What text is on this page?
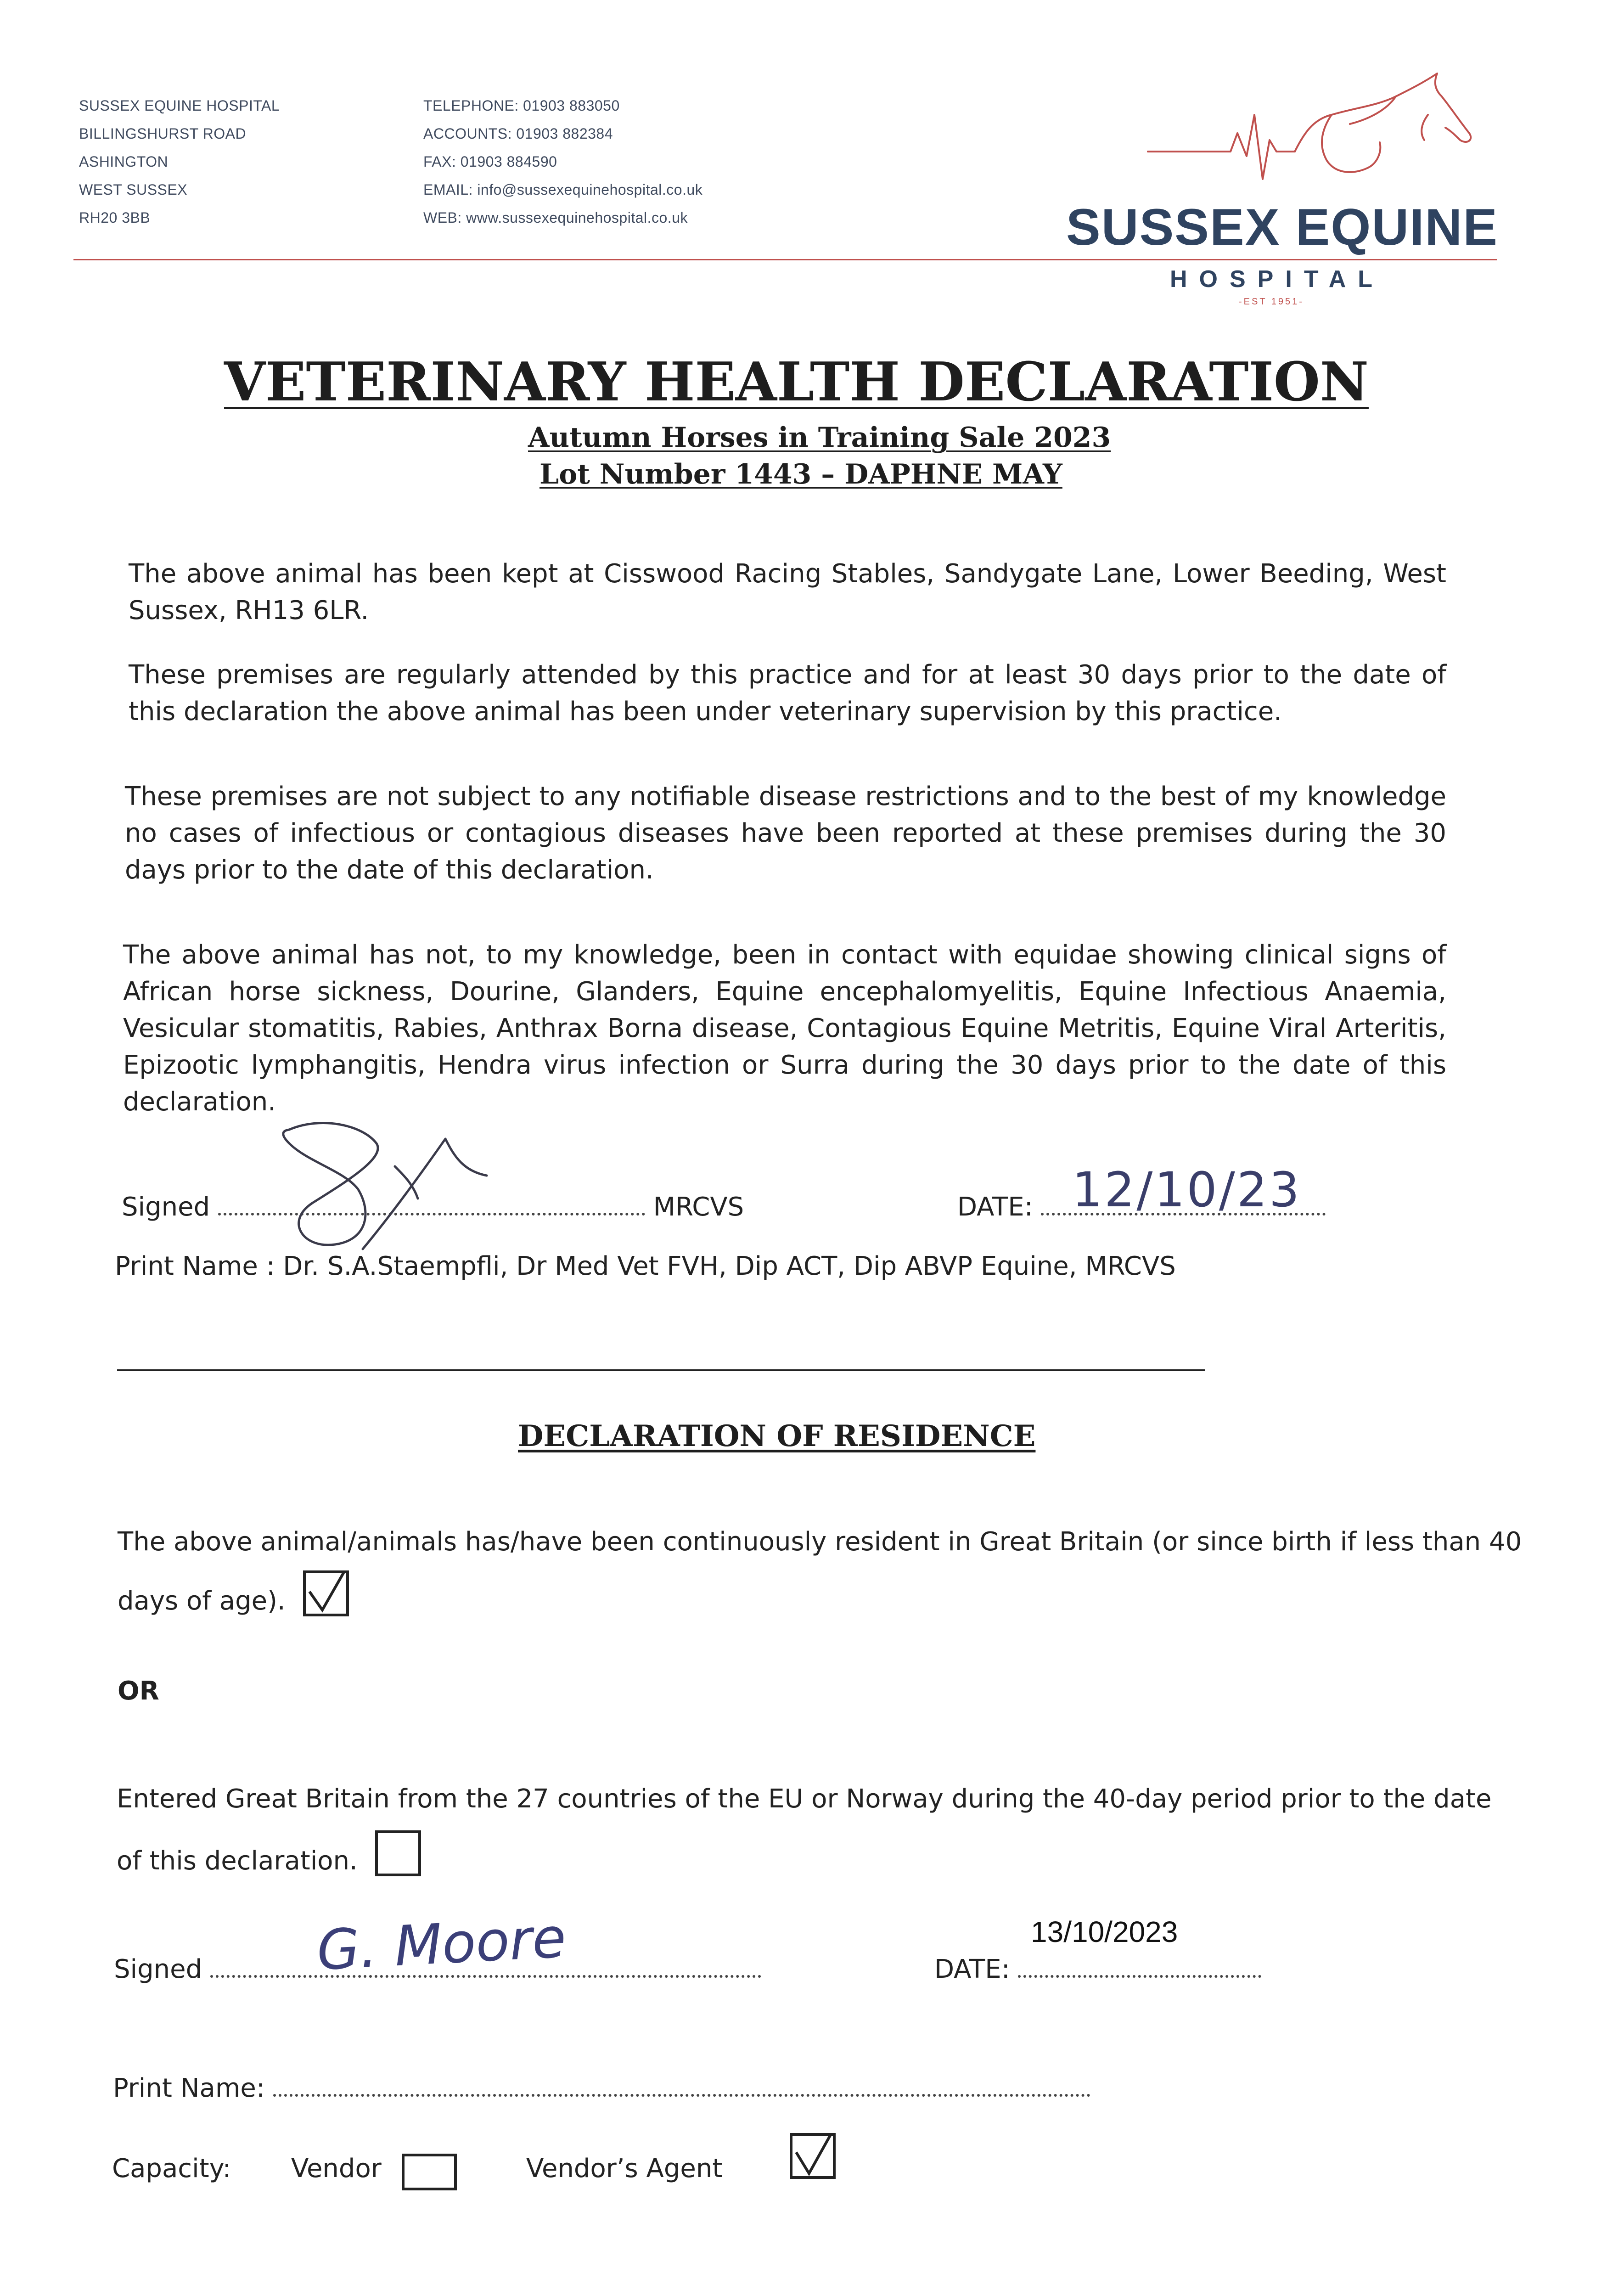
SUSSEX EQUINE HOSPITAL
BILLINGSHURST ROAD
ASHINGTON
WEST SUSSEX
RH20 3BB
TELEPHONE: 01903 883050
ACCOUNTS: 01903 882384
FAX: 01903 884590
EMAIL: info@sussexequinehospital.co.uk
WEB: www.sussexequinehospital.co.uk	SUSSEX EQUINE
HOSPITAL
-EST 1951-
VETERINARY HEALTH DECLARATION
Autumn Horses in Training Sale 2023
Lot Number 1443 – DAPHNE MAY
The above animal has been kept at Cisswood Racing Stables, Sandygate Lane, Lower Beeding, West Sussex, RH13 6LR.
These premises are regularly attended by this practice and for at least 30 days prior to the date of this declaration the above animal has been under veterinary supervision by this practice.
These premises are not subject to any notifiable disease restrictions and to the best of my knowledge no cases of infectious or contagious diseases have been reported at these premises during the 30 days prior to the date of this declaration.
The above animal has not, to my knowledge, been in contact with equidae showing clinical signs of African horse sickness, Dourine, Glanders, Equine encephalomyelitis, Equine Infectious Anaemia, Vesicular stomatitis, Rabies, Anthrax Borna disease, Contagious Equine Metritis, Equine Viral Arteritis, Epizootic lymphangitis, Hendra virus infection or Surra during the 30 days prior to the date of this declaration.
Signed	MRCVS	DATE: 12/10/23
Print Name : Dr. S.A.Staempfli, Dr Med Vet FVH, Dip ACT, Dip ABVP Equine, MRCVS
DECLARATION OF RESIDENCE
The above animal/animals has/have been continuously resident in Great Britain (or since birth if less than 40
days of age).
OR
Entered Great Britain from the 27 countries of the EU or Norway during the 40-day period prior to the date
of this declaration.
13/10/2023
Signed	G. Moore	DATE:
Print Name:
Capacity: Vendor
	Vendor’s Agent
